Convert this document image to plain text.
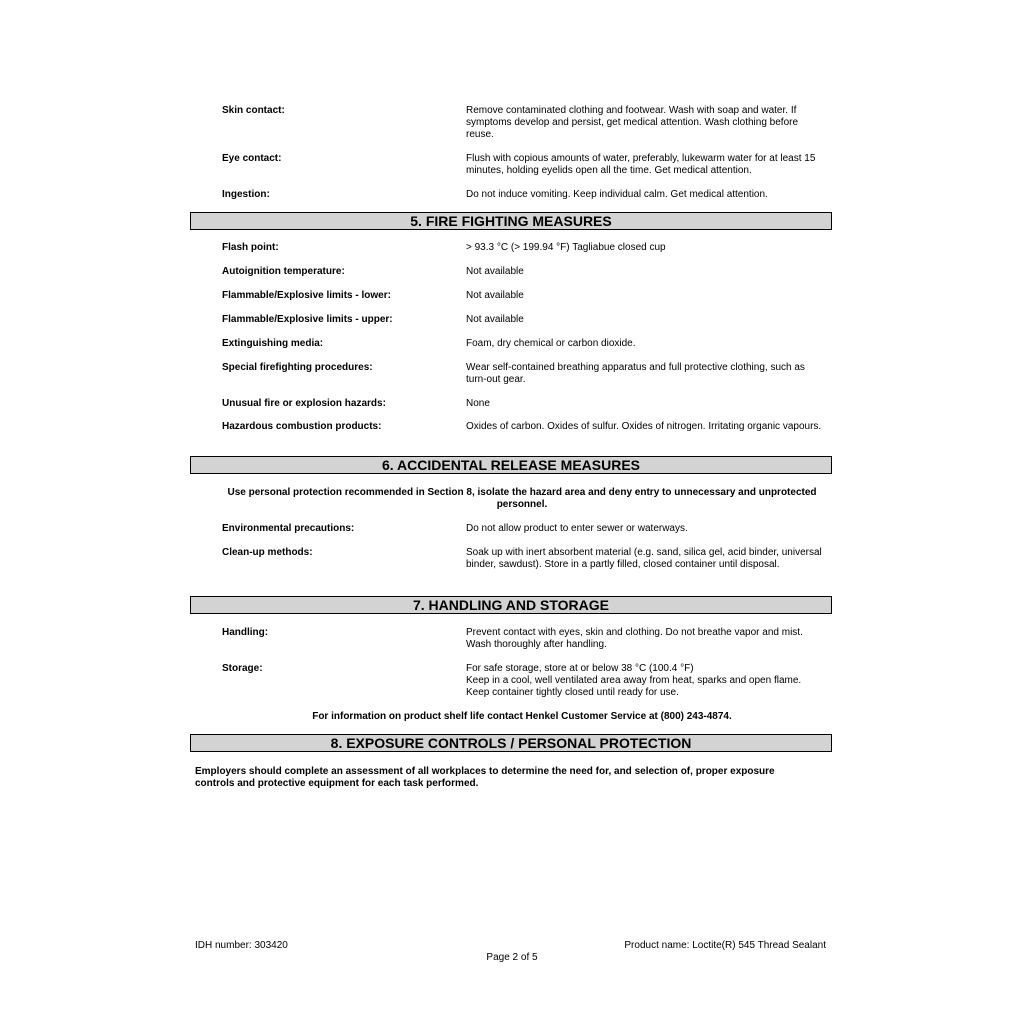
Skin contact:	Remove contaminated clothing and footwear. Wash with soap and water. If symptoms develop and persist, get medical attention. Wash clothing before reuse.
Eye contact:	Flush with copious amounts of water, preferably, lukewarm water for at least 15 minutes, holding eyelids open all the time. Get medical attention.
Ingestion:	Do not induce vomiting. Keep individual calm. Get medical attention.
5. FIRE FIGHTING MEASURES
Flash point:	> 93.3 °C (> 199.94 °F) Tagliabue closed cup
Autoignition temperature:	Not available
Flammable/Explosive limits - lower:	Not available
Flammable/Explosive limits - upper:	Not available
Extinguishing media:	Foam, dry chemical or carbon dioxide.
Special firefighting procedures:	Wear self-contained breathing apparatus and full protective clothing, such as turn-out gear.
Unusual fire or explosion hazards:	None
Hazardous combustion products:	Oxides of carbon. Oxides of sulfur. Oxides of nitrogen. Irritating organic vapours.
6. ACCIDENTAL RELEASE MEASURES
Use personal protection recommended in Section 8, isolate the hazard area and deny entry to unnecessary and unprotected personnel.
Environmental precautions:	Do not allow product to enter sewer or waterways.
Clean-up methods:	Soak up with inert absorbent material (e.g. sand, silica gel, acid binder, universal binder, sawdust). Store in a partly filled, closed container until disposal.
7. HANDLING AND STORAGE
Handling:	Prevent contact with eyes, skin and clothing. Do not breathe vapor and mist. Wash thoroughly after handling.
Storage:	For safe storage, store at or below 38 °C (100.4 °F)
Keep in a cool, well ventilated area away from heat, sparks and open flame.
Keep container tightly closed until ready for use.
For information on product shelf life contact Henkel Customer Service at (800) 243-4874.
8. EXPOSURE CONTROLS / PERSONAL PROTECTION
Employers should complete an assessment of all workplaces to determine the need for, and selection of, proper exposure controls and protective equipment for each task performed.
IDH number: 303420
Page 2 of 5
Product name: Loctite(R) 545 Thread Sealant
